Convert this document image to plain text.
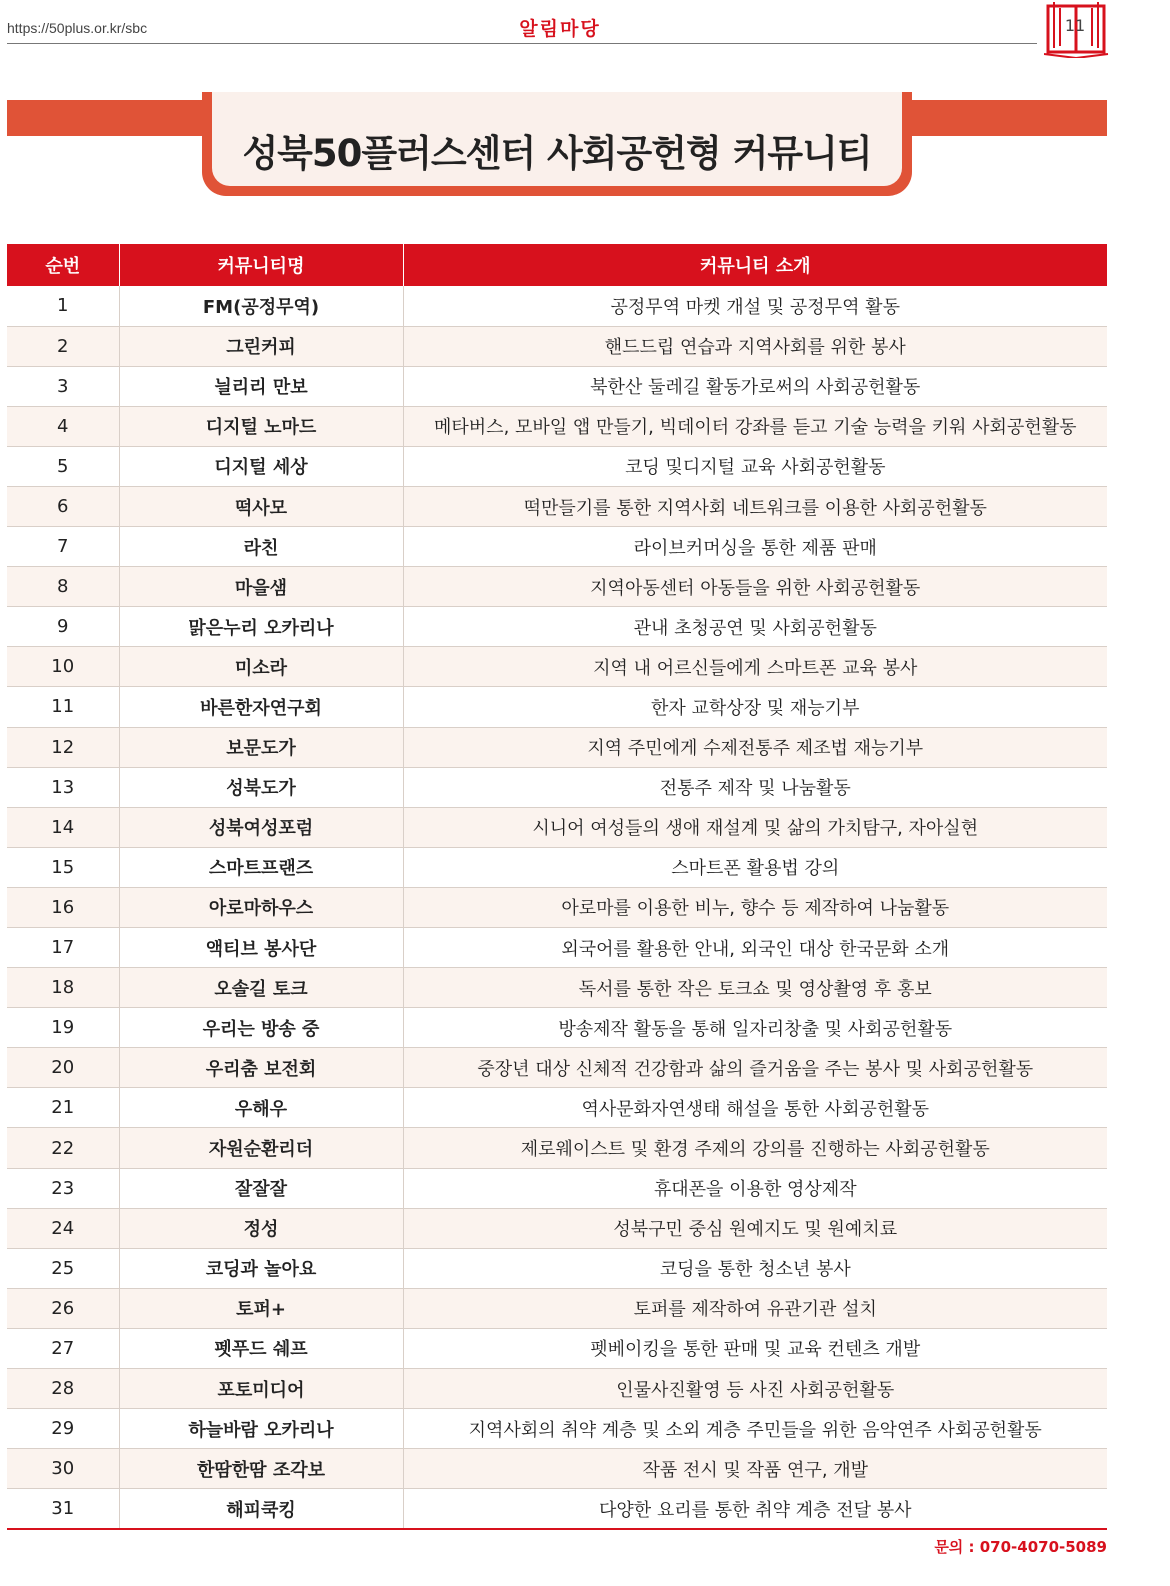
https://50plus.or.kr/sbc	알림마당	11
성북50플러스센터 사회공헌형 커뮤니티
순번	커뮤니티명	커뮤니티 소개
1	FM(공정무역)	공정무역 마켓 개설 및 공정무역 활동
2	그린커피	핸드드립 연습과 지역사회를 위한 봉사
3	늴리리 만보	북한산 둘레길 활동가로써의 사회공헌활동
4	디지털 노마드	메타버스, 모바일 앱 만들기, 빅데이터 강좌를 듣고 기술 능력을 키워 사회공헌활동
5	디지털 세상	코딩 및디지털 교육 사회공헌활동
6	떡사모	떡만들기를 통한 지역사회 네트워크를 이용한 사회공헌활동
7	라친	라이브커머싱을 통한 제품 판매
8	마을샘	지역아동센터 아동들을 위한 사회공헌활동
9	맑은누리 오카리나	관내 초청공연 및 사회공헌활동
10	미소라	지역 내 어르신들에게 스마트폰 교육 봉사
11	바른한자연구회	한자 교학상장 및 재능기부
12	보문도가	지역 주민에게 수제전통주 제조법 재능기부
13	성북도가	전통주 제작 및 나눔활동
14	성북여성포럼	시니어 여성들의 생애 재설계 및 삶의 가치탐구, 자아실현
15	스마트프랜즈	스마트폰 활용법 강의
16	아로마하우스	아로마를 이용한 비누, 향수 등 제작하여 나눔활동
17	액티브 봉사단	외국어를 활용한 안내, 외국인 대상 한국문화 소개
18	오솔길 토크	독서를 통한 작은 토크쇼 및 영상촬영 후 홍보
19	우리는 방송 중	방송제작 활동을 통해 일자리창출 및 사회공헌활동
20	우리춤 보전회	중장년 대상 신체적 건강함과 삶의 즐거움을 주는 봉사 및 사회공헌활동
21	우해우	역사문화자연생태 해설을 통한 사회공헌활동
22	자원순환리더	제로웨이스트 및 환경 주제의 강의를 진행하는 사회공헌활동
23	잘잘잘	휴대폰을 이용한 영상제작
24	정성	성북구민 중심 원예지도 및 원예치료
25	코딩과 놀아요	코딩을 통한 청소년 봉사
26	토퍼+	토퍼를 제작하여 유관기관 설치
27	펫푸드 쉐프	펫베이킹을 통한 판매 및 교육 컨텐츠 개발
28	포토미디어	인물사진활영 등 사진 사회공헌활동
29	하늘바람 오카리나	지역사회의 취약 계층 및 소외 계층 주민들을 위한 음악연주 사회공헌활동
30	한땀한땀 조각보	작품 전시 및 작품 연구, 개발
31	해피쿡킹	다양한 요리를 통한 취약 계층 전달 봉사
문의 : 070-4070-5089
